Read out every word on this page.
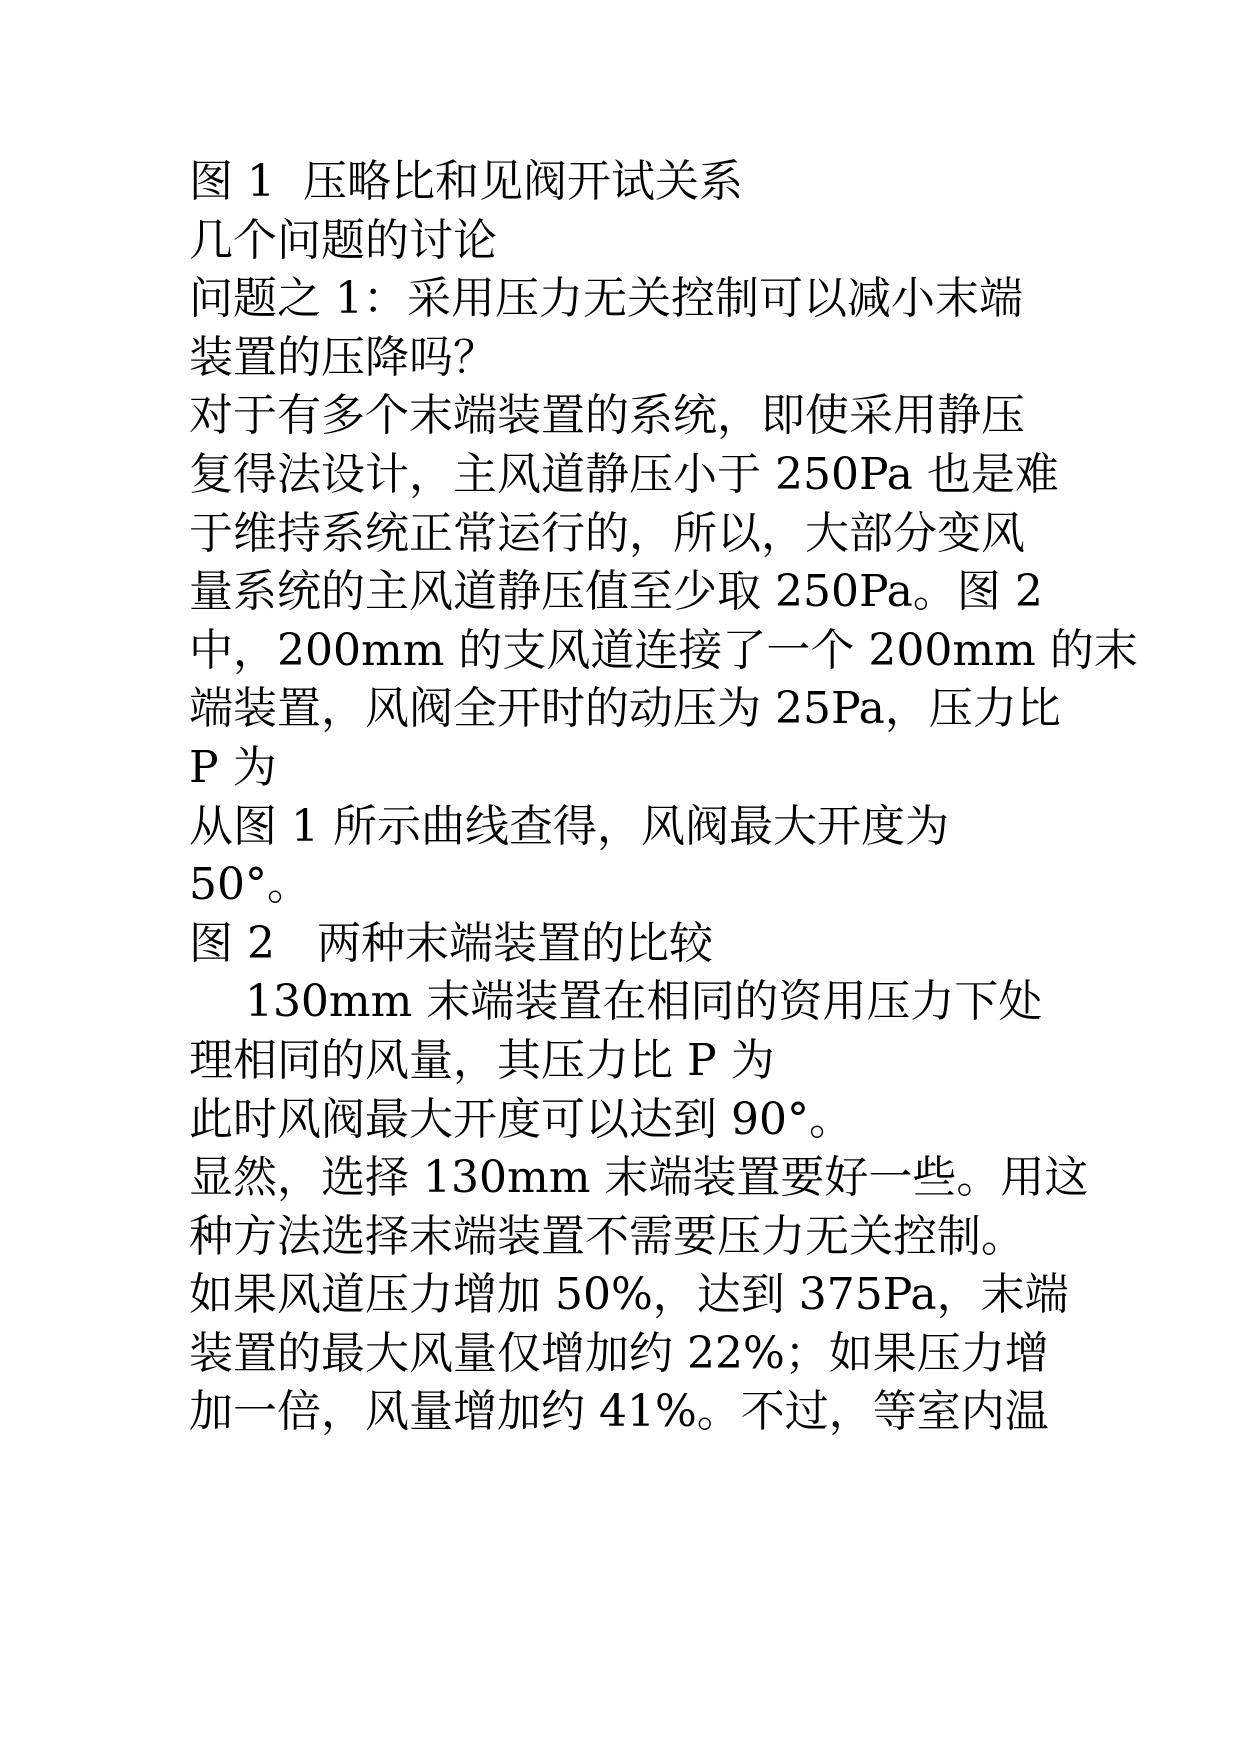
图 1  压略比和见阀开试关系
几个问题的讨论
问题之 1：采用压力无关控制可以减小末端
装置的压降吗？
对于有多个末端装置的系统，即使采用静压
复得法设计，主风道静压小于 250Pa 也是难
于维持系统正常运行的，所以，大部分变风
量系统的主风道静压值至少取 250Pa。图 2
中，200mm 的支风道连接了一个 200mm 的末
端装置，风阀全开时的动压为 25Pa，压力比
P 为
从图 1 所示曲线查得，风阀最大开度为
50°。
图 2   两种末端装置的比较
130mm 末端装置在相同的资用压力下处
理相同的风量，其压力比 P 为
此时风阀最大开度可以达到 90°。
显然，选择 130mm 末端装置要好一些。用这
种方法选择末端装置不需要压力无关控制。
如果风道压力增加 50%，达到 375Pa，末端
装置的最大风量仅增加约 22%；如果压力增
加一倍，风量增加约 41%。不过，等室内温
